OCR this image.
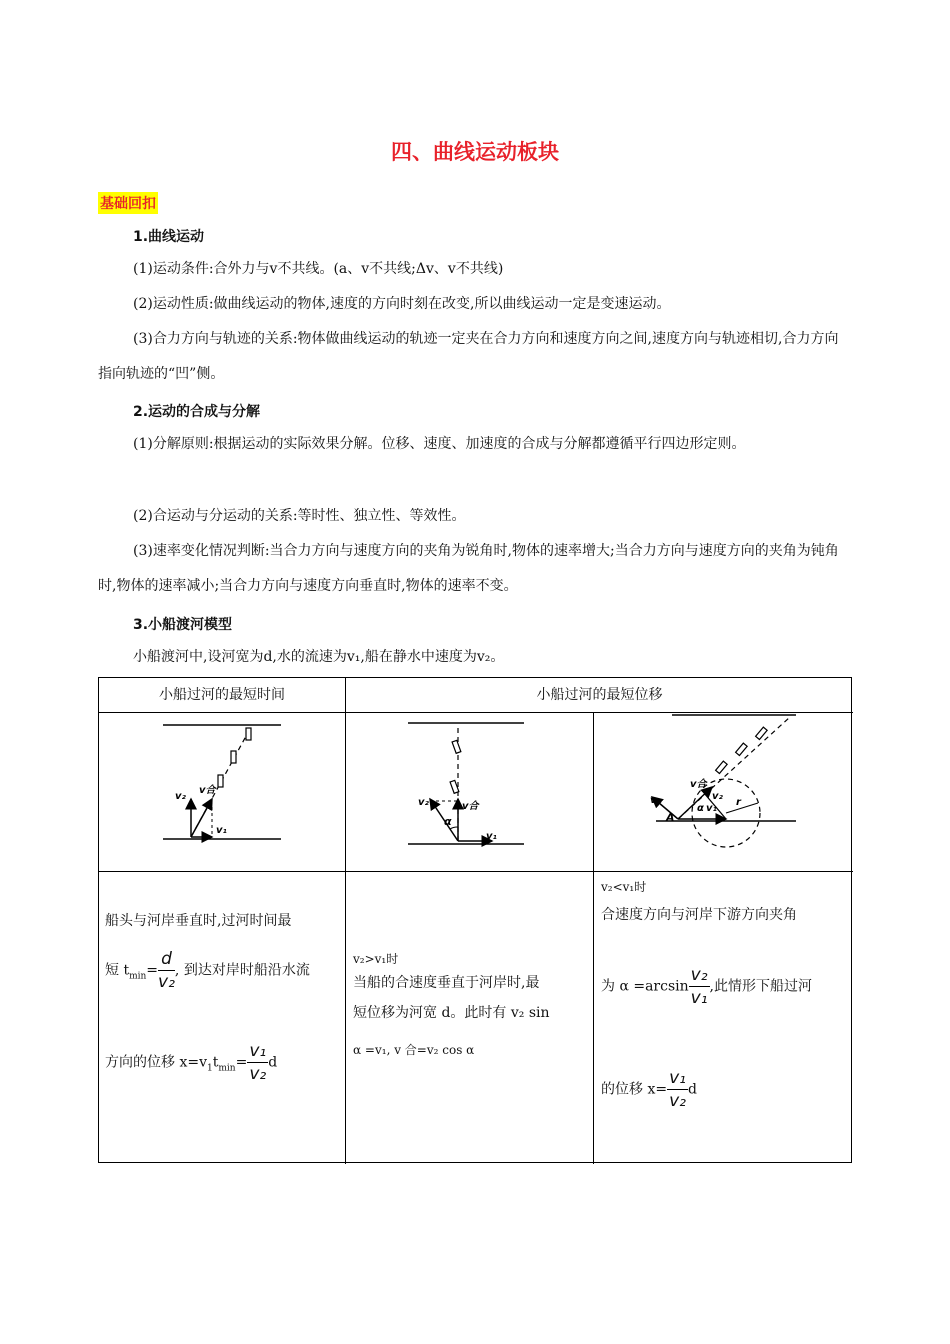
四、曲线运动板块
基础回扣
1.曲线运动
(1)运动条件:合外力与v不共线。(a、v不共线;Δv、v不共线)
(2)运动性质:做曲线运动的物体,速度的方向时刻在改变,所以曲线运动一定是变速运动。
(3)合力方向与轨迹的关系:物体做曲线运动的轨迹一定夹在合力方向和速度方向之间,速度方向与轨迹相切,合力方向指向轨迹的“凹”侧。
2.运动的合成与分解
(1)分解原则:根据运动的实际效果分解。位移、速度、加速度的合成与分解都遵循平行四边形定则。
(2)合运动与分运动的关系:等时性、独立性、等效性。
(3)速率变化情况判断:当合力方向与速度方向的夹角为锐角时,物体的速率增大;当合力方向与速度方向的夹角为钝角时,物体的速率减小;当合力方向与速度方向垂直时,物体的速率不变。
3.小船渡河模型
小船渡河中,设河宽为d,水的流速为v₁,船在静水中速度为v₂。
小船过河的最短时间	小船过河的最短位移
v₂
v合
v₁
v₂	v合
α
v₁
v₂
v合
v₂
α v₁
r
A
船头与河岸垂直时,过河时间最
短 $t_{min}= \frac{d}{\text{v₂}}$ , 到达对岸时船沿水流
方向的位移 $x=v_1t_{min}= \frac{\text{v₁}}{\text{v₂}}$ d
v₂>v₁时
当船的合速度垂直于河岸时,最
短位移为河宽 d。此时有 v₂ sin
α =v₁, v 合=v₂ cos α
v₂<v₁时
合速度方向与河岸下游方向夹角
为 $\alpha =\arcsin \frac{\text{v₂}}{\text{v₁}}$ ,此情形下船过河
的位移 $x= \frac{\text{v₁}}{\text{v₂}}$ d
